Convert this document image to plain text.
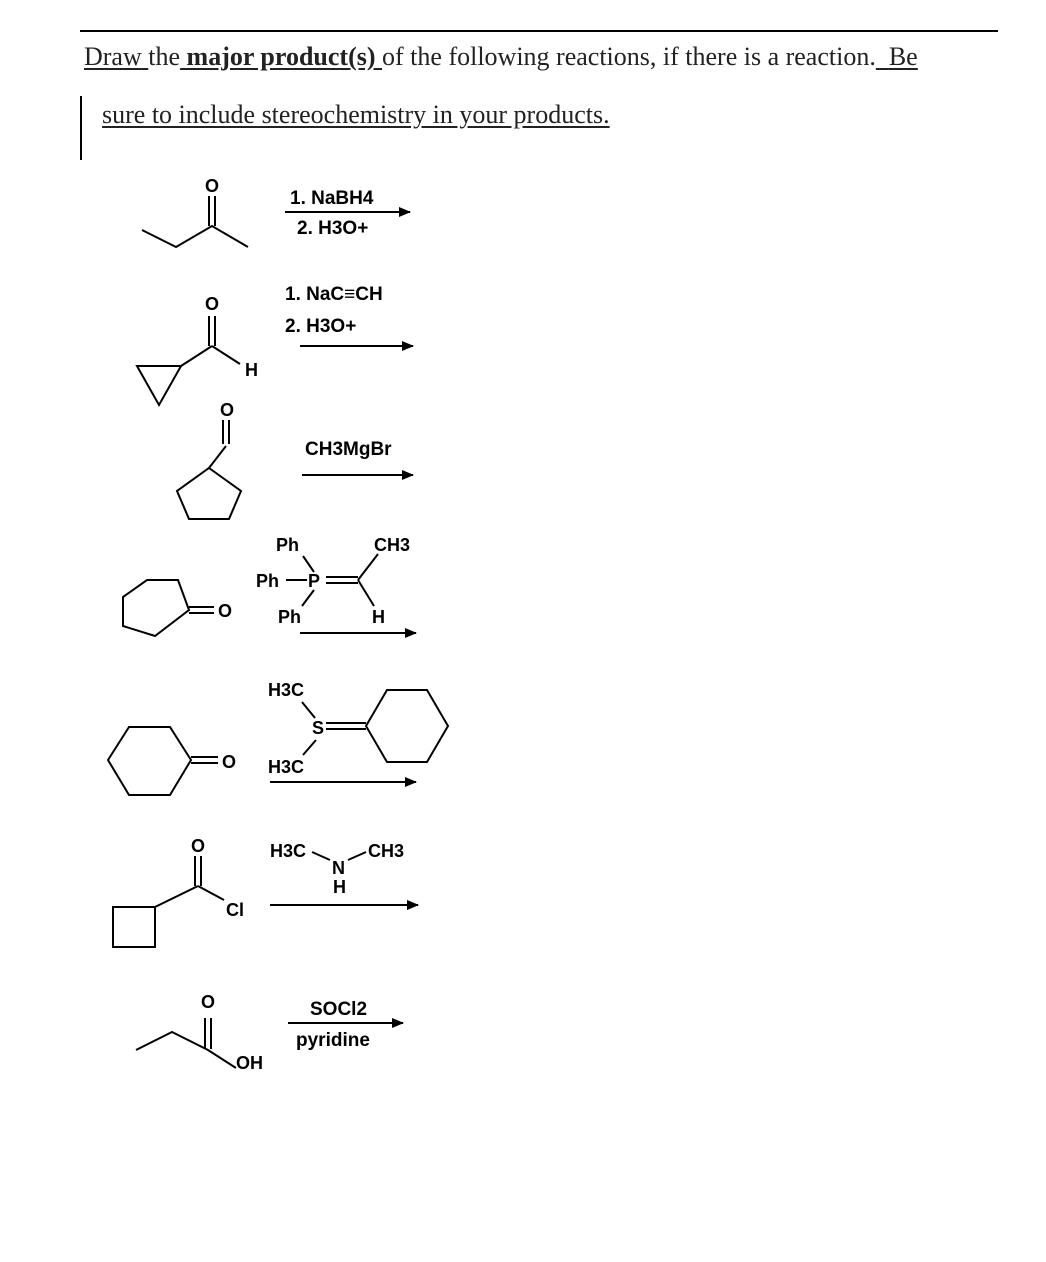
Draw the major product(s) of the following reactions, if there is a reaction. Be
sure to include stereochemistry in your products.
O
1. NaBH4
2. H3O+
O
H
1. NaC≡CH
2. H3O+
O
CH3MgBr
O
Ph
Ph P
Ph
CH3
H
O
H3C
S
H3C
O
Cl
H3C
N
CH3
H
O
OH
SOCl2
pyridine
